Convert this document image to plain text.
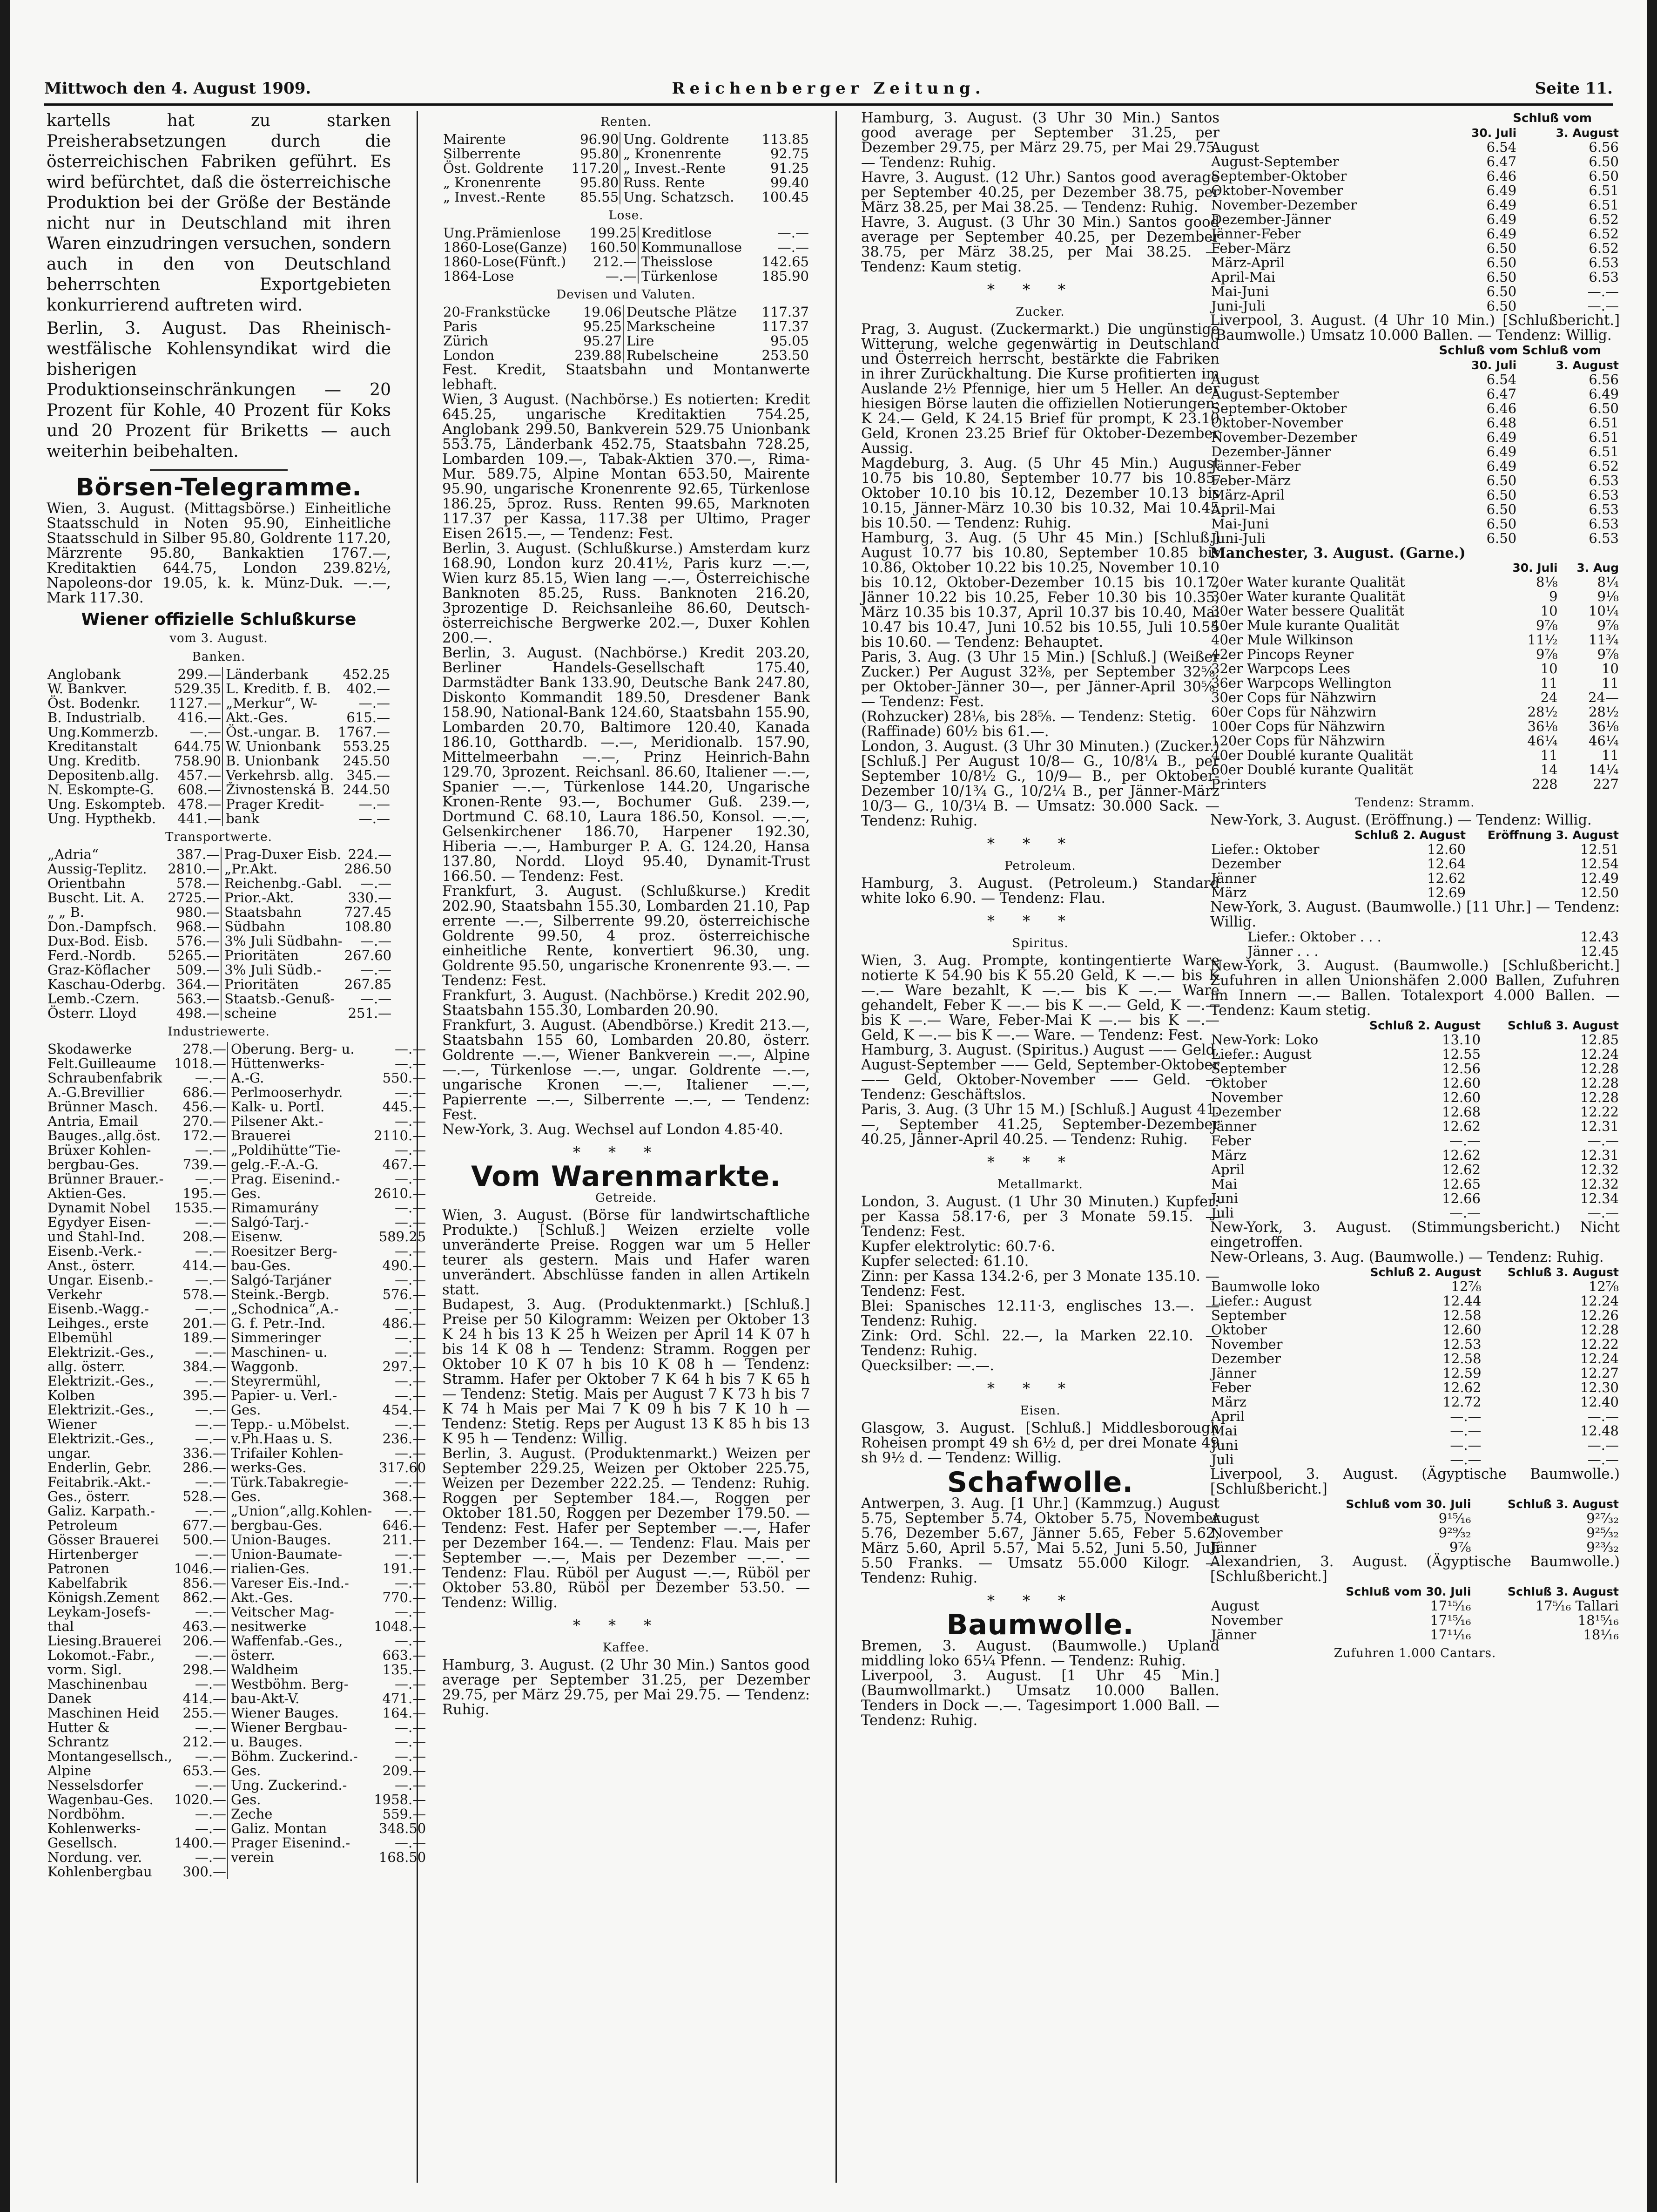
Mittwoch den 4. August 1909.	Reichenberger Zeitung.	Seite 11.

kartells hat zu starken Preisherabsetzungen durch die österreichischen Fabriken geführt. Es wird befürchtet, daß die österreichische Produktion bei der Größe der Bestände nicht nur in Deutschland mit ihren Waren einzudringen versuchen, sondern auch in den von Deutschland beherrschten Exportgebieten konkurrierend auftreten wird.

Berlin, 3. August. Das Rheinisch-westfälische Kohlensyndikat wird die bisherigen Produktionseinschränkungen — 20 Prozent für Kohle, 40 Prozent für Koks und 20 Prozent für Briketts — auch weiterhin beibehalten.

Börsen-Telegramme.

Wien, 3. August. (Mittagsbörse.) Einheitliche Staatsschuld in Noten 95.90, Einheitliche Staatsschuld in Silber 95.80, Goldrente 117.20, Märzrente 95.80, Bankaktien 1767.—, Kreditaktien 644.75, London 239.82½, Napoleons-dor 19.05, k. k. Münz-Duk. —.—, Mark 117.30.

Wiener offizielle Schlußkurse
vom 3. August.
Banken.
Anglobank	299.—	Länderbank	452.25
W. Bankver.	529.35	L. Kreditb. f. B.	402.—
Öst. Bodenkr.	1127.—	„Merkur“, W-	—.—
B. Industrialb.	416.—	Akt.-Ges.	615.—
Ung.Kommerzb.	—.—	Öst.-ungar. B.	1767.—
Kreditanstalt	644.75	W. Unionbank	553.25
Ung. Kreditb.	758.90	B. Unionbank	245.50
Depositenb.allg.	457.—	Verkehrsb. allg.	345.—
N. Eskompte-G.	608.—	Živnostenská B.	244.50
Ung. Eskompteb.	478.—	Prager Kredit-	—.—
Ung. Hypthekb.	441.—	bank	—.—
Transportwerte.
„Adria“	387.—	Prag-Duxer Eisb.	224.—
Aussig-Teplitz.	2810.—	„Pr.Akt.	286.50
Orientbahn	578.—	Reichenbg.-Gabl.	—.—
Buscht. Lit. A.	2725.—	Prior.-Akt.	330.—
„ „ B.	980.—	Staatsbahn	727.45
Don.-Dampfsch.	968.—	Südbahn	108.80
Dux-Bod. Eisb.	576.—	3% Juli Südbahn-	—.—
Ferd.-Nordb.	5265.—	Prioritäten	267.60
Graz-Köflacher	509.—	3% Juli Südb.-	—.—
Kaschau-Oderbg.	364.—	Prioritäten	267.85
Lemb.-Czern.	563.—	Staatsb.-Genuß-	—.—
Österr. Lloyd	498.—	scheine	251.—
Industriewerte.
Skodawerke	278.—	Oberung. Berg- u.	—.—
Felt.Guilleaume	1018.—	Hüttenwerks-	—.—
Schraubenfabrik	—.—	A.-G.	550.—
A.-G.Brevillier	686.—	Perlmooserhydr.	—.—
Brünner Masch.	456.—	Kalk- u. Portl.	445.—
Antria, Email	270.—	Pilsener Akt.-	—.—
Bauges.,allg.öst.	172.—	Brauerei	2110.—
Brüxer Kohlen-	—.—	„Poldihütte“Tie-	—.—
bergbau-Ges.	739.—	gelg.-F.-A.-G.	467.—
Brünner Brauer.-	—.—	Prag. Eisenind.-	—.—
Aktien-Ges.	195.—	Ges.	2610.—
Dynamit Nobel	1535.—	Rimamurány	—.—
Egydyer Eisen-	—.—	Salgó-Tarj.-	—.—
und Stahl-Ind.	208.—	Eisenw.	589.25
Eisenb.-Verk.-	—.—	Roesitzer Berg-	—.—
Anst., österr.	414.—	bau-Ges.	490.—
Ungar. Eisenb.-	—.—	Salgó-Tarjáner	—.—
Verkehr	578.—	Steink.-Bergb.	576.—
Eisenb.-Wagg.-	—.—	„Schodnica“,A.-	—.—
Leihges., erste	201.—	G. f. Petr.-Ind.	486.—
Elbemühl	189.—	Simmeringer	—.—
Elektrizit.-Ges.,	—.—	Maschinen- u.	—.—
allg. österr.	384.—	Waggonb.	297.—
Elektrizit.-Ges.,	—.—	Steyrermühl,	—.—
Kolben	395.—	Papier- u. Verl.-	—.—
Elektrizit.-Ges.,	—.—	Ges.	454.—
Wiener	—.—	Tepp.- u.Möbelst.	—.—
Elektrizit.-Ges.,	—.—	v.Ph.Haas u. S.	236.—
ungar.	336.—	Trifailer Kohlen-	—.—
Enderlin, Gebr.	286.—	werks-Ges.	317.60
Feitabrik.-Akt.-	—.—	Türk.Tabakregie-	—.—
Ges., österr.	528.—	Ges.	368.—
Galiz. Karpath.-	—.—	„Union“,allg.Kohlen-	—.—
Petroleum	677.—	bergbau-Ges.	646.—
Gösser Brauerei	500.—	Union-Bauges.	211.—
Hirtenberger	—.—	Union-Baumate-	—.—
Patronen	1046.—	rialien-Ges.	191.—
Kabelfabrik	856.—	Vareser Eis.-Ind.-	—.—
Königsh.Zement	862.—	Akt.-Ges.	770.—
Leykam-Josefs-	—.—	Veitscher Mag-	—.—
thal	463.—	nesitwerke	1048.—
Liesing.Brauerei	206.—	Waffenfab.-Ges.,	—.—
Lokomot.-Fabr.,	—.—	österr.	663.—
vorm. Sigl.	298.—	Waldheim	135.—
Maschinenbau	—.—	Westböhm. Berg-	—.—
Danek	414.—	bau-Akt-V.	471.—
Maschinen Heid	255.—	Wiener Bauges.	164.—
Hutter &	—.—	Wiener Bergbau-	—.—
Schrantz	212.—	u. Bauges.	—.—
Montangesellsch.,	—.—	Böhm. Zuckerind.-	—.—
Alpine	653.—	Ges.	209.—
Nesselsdorfer	—.—	Ung. Zuckerind.-	—.—
Wagenbau-Ges.	1020.—	Ges.	1958.—
Nordböhm.	—.—	Zeche	559.—
Kohlenwerks-	—.—	Galiz. Montan	348.50
Gesellsch.	1400.—	Prager Eisenind.-	—.—
Nordung. ver.	—.—	verein	168.50
Kohlenbergbau	300.—		
Renten.
Mairente	96.90	Ung. Goldrente	113.85
Silberrente	95.80	„ Kronenrente	92.75
Öst. Goldrente	117.20	„ Invest.-Rente	91.25
„ Kronenrente	95.80	Russ. Rente	99.40
„ Invest.-Rente	85.55	Ung. Schatzsch.	100.45
Lose.
Ung.Prämienlose	199.25	Kreditlose	—.—
1860-Lose(Ganze)	160.50	Kommunallose	—.—
1860-Lose(Fünft.)	212.—	Theisslose	142.65
1864-Lose	—.—	Türkenlose	185.90
Devisen und Valuten.
20-Frankstücke	19.06	Deutsche Plätze	117.37
Paris	95.25	Markscheine	117.37
Zürich	95.27	Lire	95.05
London	239.88	Rubelscheine	253.50

Fest. Kredit, Staatsbahn und Montanwerte lebhaft.

Wien, 3 August. (Nachbörse.) Es notierten: Kredit 645.25, ungarische Kreditaktien 754.25, Anglobank 299.50, Bankverein 529.75 Unionbank 553.75, Länderbank 452.75, Staatsbahn 728.25, Lombarden 109.—, Tabak-Aktien 370.—, Rima-Mur. 589.75, Alpine Montan 653.50, Mairente 95.90, ungarische Kronenrente 92.65, Türkenlose 186.25, 5proz. Russ. Renten 99.65, Marknoten 117.37 per Kassa, 117.38 per Ultimo, Prager Eisen 2615.—, — Tendenz: Fest.

Berlin, 3. August. (Schlußkurse.) Amsterdam kurz 168.90, London kurz 20.41½, Paris kurz —.—, Wien kurz 85.15, Wien lang —.—, Österreichische Banknoten 85.25, Russ. Banknoten 216.20, 3prozentige D. Reichsanleihe 86.60, Deutsch-österreichische Bergwerke 202.—, Duxer Kohlen 200.—.

Berlin, 3. August. (Nachbörse.) Kredit 203.20, Berliner Handels-Gesellschaft 175.40, Darmstädter Bank 133.90, Deutsche Bank 247.80, Diskonto Kommandit 189.50, Dresdener Bank 158.90, National-Bank 124.60, Staatsbahn 155.90, Lombarden 20.70, Baltimore 120.40, Kanada 186.10, Gotthardb. —.—, Meridionalb. 157.90, Mittelmeerbahn —.—, Prinz Heinrich-Bahn 129.70, 3prozent. Reichsanl. 86.60, Italiener —.—, Spanier —.—, Türkenlose 144.20, Ungarische Kronen-Rente 93.—, Bochumer Guß. 239.—, Dortmund C. 68.10, Laura 186.50, Konsol. —.—, Gelsenkirchener 186.70, Harpener 192.30, Hiberia —.—, Hamburger P. A. G. 124.20, Hansa 137.80, Nordd. Lloyd 95.40, Dynamit-Trust 166.50. — Tendenz: Fest.

Frankfurt, 3. August. (Schlußkurse.) Kredit 202.90, Staatsbahn 155.30, Lombarden 21.10, Pap errente —.—, Silberrente 99.20, österreichische Goldrente 99.50, 4 proz. österreichische einheitliche Rente, konvertiert 96.30, ung. Goldrente 95.50, ungarische Kronenrente 93.—. — Tendenz: Fest.

Frankfurt, 3. August. (Nachbörse.) Kredit 202.90, Staatsbahn 155.30, Lombarden 20.90.

Frankfurt, 3. August. (Abendbörse.) Kredit 213.—, Staatsbahn 155 60, Lombarden 20.80, österr. Goldrente —.—, Wiener Bankverein —.—, Alpine —.—, Türkenlose —.—, ungar. Goldrente —.—, ungarische Kronen —.—, Italiener —.—, Papierrente —.—, Silberrente —.—, — Tendenz: Fest.

New-York, 3. Aug. Wechsel auf London 4.85·40.

***
Vom Warenmarkte.
Getreide.

Wien, 3. August. (Börse für landwirtschaftliche Produkte.) [Schluß.] Weizen erzielte volle unveränderte Preise. Roggen war um 5 Heller teurer als gestern. Mais und Hafer waren unverändert. Abschlüsse fanden in allen Artikeln statt.

Budapest, 3. Aug. (Produktenmarkt.) [Schluß.] Preise per 50 Kilogramm: Weizen per Oktober 13 K 24 h bis 13 K 25 h Weizen per April 14 K 07 h bis 14 K 08 h — Tendenz: Stramm. Roggen per Oktober 10 K 07 h bis 10 K 08 h — Tendenz: Stramm. Hafer per Oktober 7 K 64 h bis 7 K 65 h — Tendenz: Stetig. Mais per August 7 K 73 h bis 7 K 74 h Mais per Mai 7 K 09 h bis 7 K 10 h — Tendenz: Stetig. Reps per August 13 K 85 h bis 13 K 95 h — Tendenz: Willig.

Berlin, 3. August. (Produktenmarkt.) Weizen per September 229.25, Weizen per Oktober 225.75, Weizen per Dezember 222.25. — Tendenz: Ruhig. Roggen per September 184.—, Roggen per Oktober 181.50, Roggen per Dezember 179.50. — Tendenz: Fest. Hafer per September —.—, Hafer per Dezember 164.—. — Tendenz: Flau. Mais per September —.—, Mais per Dezember —.—. — Tendenz: Flau. Rüböl per August —.—, Rüböl per Oktober 53.80, Rüböl per Dezember 53.50. — Tendenz: Willig.

***
Kaffee.

Hamburg, 3. August. (2 Uhr 30 Min.) Santos good average per September 31.25, per Dezember 29.75, per März 29.75, per Mai 29.75. — Tendenz: Ruhig.

Hamburg, 3. August. (3 Uhr 30 Min.) Santos good average per September 31.25, per Dezember 29.75, per März 29.75, per Mai 29.75. — Tendenz: Ruhig.

Havre, 3. August. (12 Uhr.) Santos good average per September 40.25, per Dezember 38.75, per März 38.25, per Mai 38.25. — Tendenz: Ruhig.

Havre, 3. August. (3 Uhr 30 Min.) Santos good average per September 40.25, per Dezember 38.75, per März 38.25, per Mai 38.25. — Tendenz: Kaum stetig.

***
Zucker.

Prag, 3. August. (Zuckermarkt.) Die ungünstige Witterung, welche gegenwärtig in Deutschland und Österreich herrscht, bestärkte die Fabriken in ihrer Zurückhaltung. Die Kurse profitierten im Auslande 2½ Pfennige, hier um 5 Heller. An der hiesigen Börse lauten die offiziellen Notierungen: K 24.— Geld, K 24.15 Brief für prompt, K 23.10 Geld, Kronen 23.25 Brief für Oktober-Dezember Aussig.

Magdeburg, 3. Aug. (5 Uhr 45 Min.) August 10.75 bis 10.80, September 10.77 bis 10.85, Oktober 10.10 bis 10.12, Dezember 10.13 bis 10.15, Jänner-März 10.30 bis 10.32, Mai 10.45 bis 10.50. — Tendenz: Ruhig.

Hamburg, 3. Aug. (5 Uhr 45 Min.) [Schluß.] August 10.77 bis 10.80, September 10.85 bis 10.86, Oktober 10.22 bis 10.25, November 10.10 bis 10.12, Oktober-Dezember 10.15 bis 10.17, Jänner 10.22 bis 10.25, Feber 10.30 bis 10.35, März 10.35 bis 10.37, April 10.37 bis 10.40, Mai 10.47 bis 10.47, Juni 10.52 bis 10.55, Juli 10.55 bis 10.60. — Tendenz: Behauptet.

Paris, 3. Aug. (3 Uhr 15 Min.) [Schluß.] (Weißer Zucker.) Per August 32⅜, per September 32⅝, per Oktober-Jänner 30—, per Jänner-April 30⅝. — Tendenz: Fest.

(Rohzucker) 28⅛, bis 28⅝. — Tendenz: Stetig.

(Raffinade) 60½ bis 61.—.

London, 3. August. (3 Uhr 30 Minuten.) (Zucker.) [Schluß.] Per August 10/8— G., 10/8¼ B., per September 10/8½ G., 10/9— B., per Oktober-Dezember 10/1¾ G., 10/2¼ B., per Jänner-März 10/3— G., 10/3¼ B. — Umsatz: 30.000 Sack. — Tendenz: Ruhig.

***
Petroleum.

Hamburg, 3. August. (Petroleum.) Standard white loko 6.90. — Tendenz: Flau.

***
Spiritus.

Wien, 3. Aug. Prompte, kontingentierte Ware notierte K 54.90 bis K 55.20 Geld, K —.— bis K —.— Ware bezahlt, K —.— bis K —.— Ware gehandelt, Feber K —.— bis K —.— Geld, K —.— bis K —.— Ware, Feber-Mai K —.— bis K —.— Geld, K —.— bis K —.— Ware. — Tendenz: Fest.

Hamburg, 3. August. (Spiritus.) August —— Geld, August-September —— Geld, September-Oktober —— Geld, Oktober-November —— Geld. — Tendenz: Geschäftslos.

Paris, 3. Aug. (3 Uhr 15 M.) [Schluß.] August 41.—, September 41.25, September-Dezember 40.25, Jänner-April 40.25. — Tendenz: Ruhig.

***
Metallmarkt.

London, 3. August. (1 Uhr 30 Minuten.) Kupfer: per Kassa 58.17·6, per 3 Monate 59.15. — Tendenz: Fest.

Kupfer elektrolytic: 60.7·6.

Kupfer selected: 61.10.

Zinn: per Kassa 134.2·6, per 3 Monate 135.10. — Tendenz: Fest.

Blei: Spanisches 12.11·3, englisches 13.—. — Tendenz: Ruhig.

Zink: Ord. Schl. 22.—, la Marken 22.10. — Tendenz: Ruhig.

Quecksilber: —.—.

***
Eisen.

Glasgow, 3. August. [Schluß.] Middlesborough Roheisen prompt 49 sh 6½ d, per drei Monate 49 sh 9½ d. — Tendenz: Willig.

Schafwolle.

Antwerpen, 3. Aug. [1 Uhr.] (Kammzug.) August 5.75, September 5.74, Oktober 5.75, November 5.76, Dezember 5.67, Jänner 5.65, Feber 5.62, März 5.60, April 5.57, Mai 5.52, Juni 5.50, Juli 5.50 Franks. — Umsatz 55.000 Kilogr. — Tendenz: Ruhig.

***
Baumwolle.

Bremen, 3. August. (Baumwolle.) Upland middling loko 65¼ Pfenn. — Tendenz: Ruhig.

Liverpool, 3. August. [1 Uhr 45 Min.] (Baumwollmarkt.) Umsatz 10.000 Ballen. Tenders in Dock —.—. Tagesimport 1.000 Ball. — Tendenz: Ruhig.

Schluß vom
	30. Juli	3. August
August	6.54	6.56
August-September	6.47	6.50
September-Oktober	6.46	6.50
Oktober-November	6.49	6.51
November-Dezember	6.49	6.51
Dezember-Jänner	6.49	6.52
Jänner-Feber	6.49	6.52
Feber-März	6.50	6.52
März-April	6.50	6.53
April-Mai	6.50	6.53
Mai-Juni	6.50	—.—
Juni-Juli	6.50	—.—

Liverpool, 3. August. (4 Uhr 10 Min.) [Schlußbericht.] (Baumwolle.) Umsatz 10.000 Ballen. — Tendenz: Willig.

Schluß vom Schluß vom
	30. Juli	3. August
August	6.54	6.56
August-September	6.47	6.49
September-Oktober	6.46	6.50
Oktober-November	6.48	6.51
November-Dezember	6.49	6.51
Dezember-Jänner	6.49	6.51
Jänner-Feber	6.49	6.52
Feber-März	6.50	6.53
März-April	6.50	6.53
April-Mai	6.50	6.53
Mai-Juni	6.50	6.53
Juni-Juli	6.50	6.53

Manchester, 3. August. (Garne.)

	30. Juli	3. Aug
20er Water kurante Qualität	8⅛	8¼
30er Water kurante Qualität	9	9⅛
30er Water bessere Qualität	10	10¼
40er Mule kurante Qualität	9⅞	9⅞
40er Mule Wilkinson	11½	11¾
42er Pincops Reyner	9⅞	9⅞
32er Warpcops Lees	10	10
36er Warpcops Wellington	11	11
30er Cops für Nähzwirn	24	24—
60er Cops für Nähzwirn	28½	28½
100er Cops für Nähzwirn	36⅛	36⅛
120er Cops für Nähzwirn	46¼	46¼
40er Doublé kurante Qualität	11	11
60er Doublé kurante Qualität	14	14¼
Printers	228	227
Tendenz: Stramm.

New-York, 3. August. (Eröffnung.) — Tendenz: Willig.

	Schluß 2. August	Eröffnung 3. August
Liefer.: Oktober	12.60	12.51
Dezember	12.64	12.54
Jänner	12.62	12.49
März	12.69	12.50

New-York, 3. August. (Baumwolle.) [11 Uhr.] — Tendenz: Willig.

Liefer.: Oktober . . .	12.43
Jänner . . .	12.45

New-York, 3. August. (Baumwolle.) [Schlußbericht.] Zufuhren in allen Unionshäfen 2.000 Ballen, Zufuhren im Innern —.— Ballen. Totalexport 4.000 Ballen. — Tendenz: Kaum stetig.

	Schluß 2. August	Schluß 3. August
New-York: Loko	13.10	12.85
Liefer.: August	12.55	12.24
September	12.56	12.28
Oktober	12.60	12.28
November	12.60	12.28
Dezember	12.68	12.22
Jänner	12.62	12.31
Feber	—.—	—.—
März	12.62	12.31
April	12.62	12.32
Mai	12.65	12.32
Juni	12.66	12.34
Juli	—.—	—.—

New-York, 3. August. (Stimmungsbericht.) Nicht eingetroffen.

New-Orleans, 3. Aug. (Baumwolle.) — Tendenz: Ruhig.

	Schluß 2. August	Schluß 3. August
Baumwolle loko	12⅞	12⅞
Liefer.: August	12.44	12.24
September	12.58	12.26
Oktober	12.60	12.28
November	12.53	12.22
Dezember	12.58	12.24
Jänner	12.59	12.27
Feber	12.62	12.30
März	12.72	12.40
April	—.—	—.—
Mai	—.—	12.48
Juni	—.—	—.—
Juli	—.—	—.—

Liverpool, 3. August. (Ägyptische Baumwolle.) [Schlußbericht.]

	Schluß vom 30. Juli	Schluß 3. August
August	9¹⁵⁄₁₆	9²⁷⁄₃₂
November	9²⁹⁄₃₂	9²⁵⁄₃₂
Jänner	9⁷⁄₈	9²³⁄₃₂

Alexandrien, 3. August. (Ägyptische Baumwolle.) [Schlußbericht.]

	Schluß vom 30. Juli	Schluß 3. August
August	17¹⁵⁄₁₆	17⁵⁄₁₆ Tallari
November	17¹⁵⁄₁₆	18¹⁵⁄₁₆
Jänner	17¹¹⁄₁₆	18¹⁄₁₆
Zufuhren 1.000 Cantars.
